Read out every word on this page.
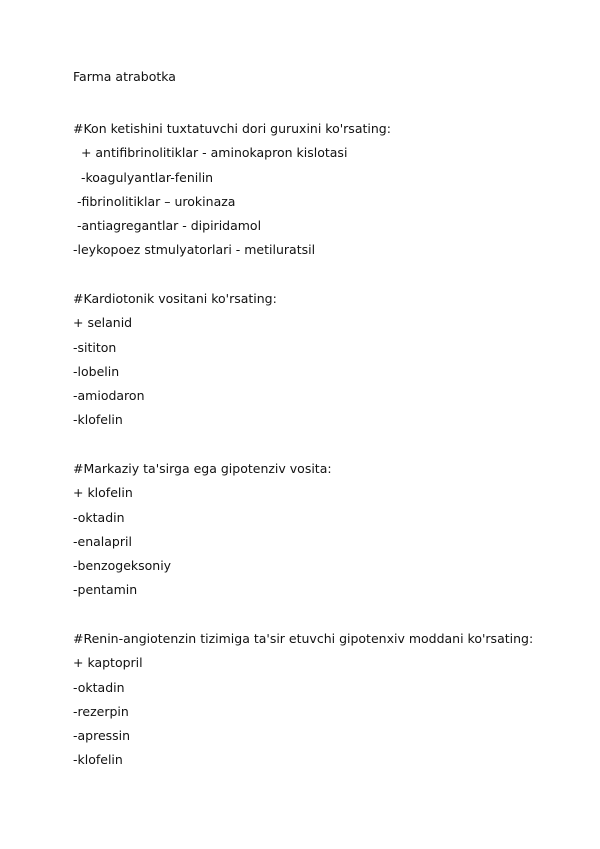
Farma atrabotka
#Kon ketishini tuxtatuvchi dori guruxini ko'rsating:
+ antifibrinolitiklar - aminokapron kislotasi
-koagulyantlar-fenilin
-fibrinolitiklar – urokinaza
-antiagregantlar - dipiridamol
-leykopoez stmulyatorlari - metiluratsil
#Kardiotonik vositani ko'rsating:
+ selanid
-sititon
-lobelin
-amiodaron
-klofelin
#Markaziy ta'sirga ega gipotenziv vosita:
+ klofelin
-oktadin
-enalapril
-benzogeksoniy
-pentamin
#Renin-angiotenzin tizimiga ta'sir etuvchi gipotenxiv moddani ko'rsating:
+ kaptopril
-oktadin
-rezerpin
-apressin
-klofelin
